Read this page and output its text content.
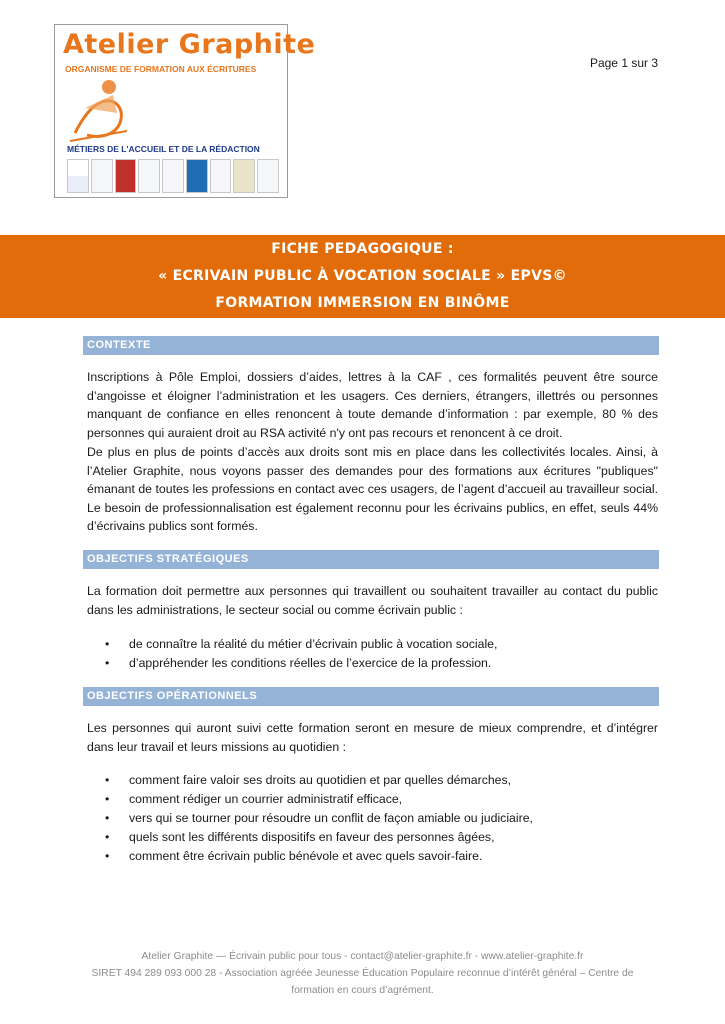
Atelier Graphite
ORGANISME DE FORMATION AUX ÉCRITURES
MÉTIERS DE L'ACCUEIL ET DE LA RÉDACTION
Page 1 sur 3
FICHE PEDAGOGIQUE :
« ECRIVAIN PUBLIC À VOCATION SOCIALE » EPVS©
FORMATION IMMERSION EN BINÔME
CONTEXTE

Inscriptions à Pôle Emploi, dossiers d’aides, lettres à la CAF , ces formalités peuvent être source d’angoisse et éloigner l’administration et les usagers. Ces derniers, étrangers, illettrés ou personnes manquant de confiance en elles renoncent à toute demande d’information : par exemple, 80 % des personnes qui auraient droit au RSA activité n'y ont pas recours et renoncent à ce droit.

De plus en plus de points d’accès aux droits sont mis en place dans les collectivités locales. Ainsi, à l’Atelier Graphite, nous voyons passer des demandes pour des formations aux écritures "publiques" émanant de toutes les professions en contact avec ces usagers, de l’agent d’accueil au travailleur social. Le besoin de professionnalisation est également reconnu pour les écrivains publics, en effet, seuls 44% d’écrivains publics sont formés.

OBJECTIFS STRATÉGIQUES

La formation doit permettre aux personnes qui travaillent ou souhaitent travailler au contact du public dans les administrations, le secteur social ou comme écrivain public :

• de connaître la réalité du métier d’écrivain public à vocation sociale,
• d’appréhender les conditions réelles de l’exercice de la profession.
OBJECTIFS OPÉRATIONNELS

Les personnes qui auront suivi cette formation seront en mesure de mieux comprendre, et d’intégrer dans leur travail et leurs missions au quotidien :

• comment faire valoir ses droits au quotidien et par quelles démarches,
• comment rédiger un courrier administratif efficace,
• vers qui se tourner pour résoudre un conflit de façon amiable ou judiciaire,
• quels sont les différents dispositifs en faveur des personnes âgées,
• comment être écrivain public bénévole et avec quels savoir-faire.
Atelier Graphite — Écrivain public pour tous - contact@atelier-graphite.fr - www.atelier-graphite.fr
SIRET 494 289 093 000 28 - Association agréée Jeunesse Éducation Populaire reconnue d’intérêt général – Centre de formation en cours d’agrément.
